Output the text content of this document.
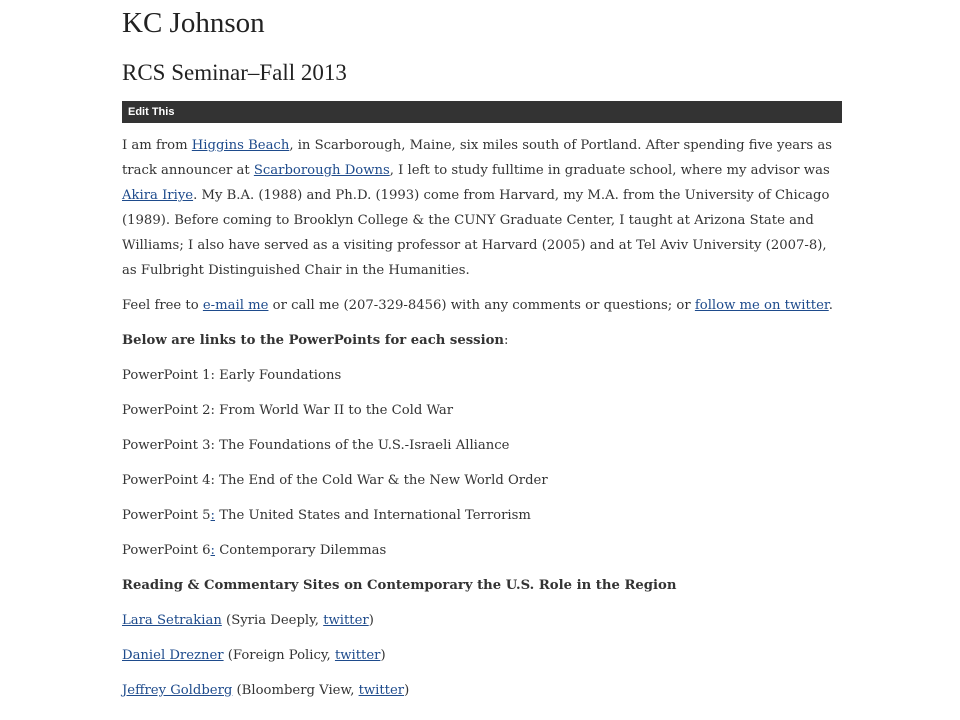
KC Johnson
RCS Seminar–Fall 2013
Edit This

I am from Higgins Beach, in Scarborough, Maine, six miles south of Portland. After spending five years as track announcer at Scarborough Downs, I left to study fulltime in graduate school, where my advisor was Akira Iriye. My B.A. (1988) and Ph.D. (1993) come from Harvard, my M.A. from the University of Chicago (1989). Before coming to Brooklyn College & the CUNY Graduate Center, I taught at Arizona State and Williams; I also have served as a visiting professor at Harvard (2005) and at Tel Aviv University (2007-8), as Fulbright Distinguished Chair in the Humanities.

Feel free to e-mail me or call me (207-329-8456) with any comments or questions; or follow me on twitter.

Below are links to the PowerPoints for each session:

PowerPoint 1: Early Foundations

PowerPoint 2: From World War II to the Cold War

PowerPoint 3: The Foundations of the U.S.-Israeli Alliance

PowerPoint 4: The End of the Cold War & the New World Order

PowerPoint 5: The United States and International Terrorism

PowerPoint 6: Contemporary Dilemmas

Reading & Commentary Sites on Contemporary the U.S. Role in the Region

Lara Setrakian (Syria Deeply, twitter)

Daniel Drezner (Foreign Policy, twitter)

Jeffrey Goldberg (Bloomberg View, twitter)
